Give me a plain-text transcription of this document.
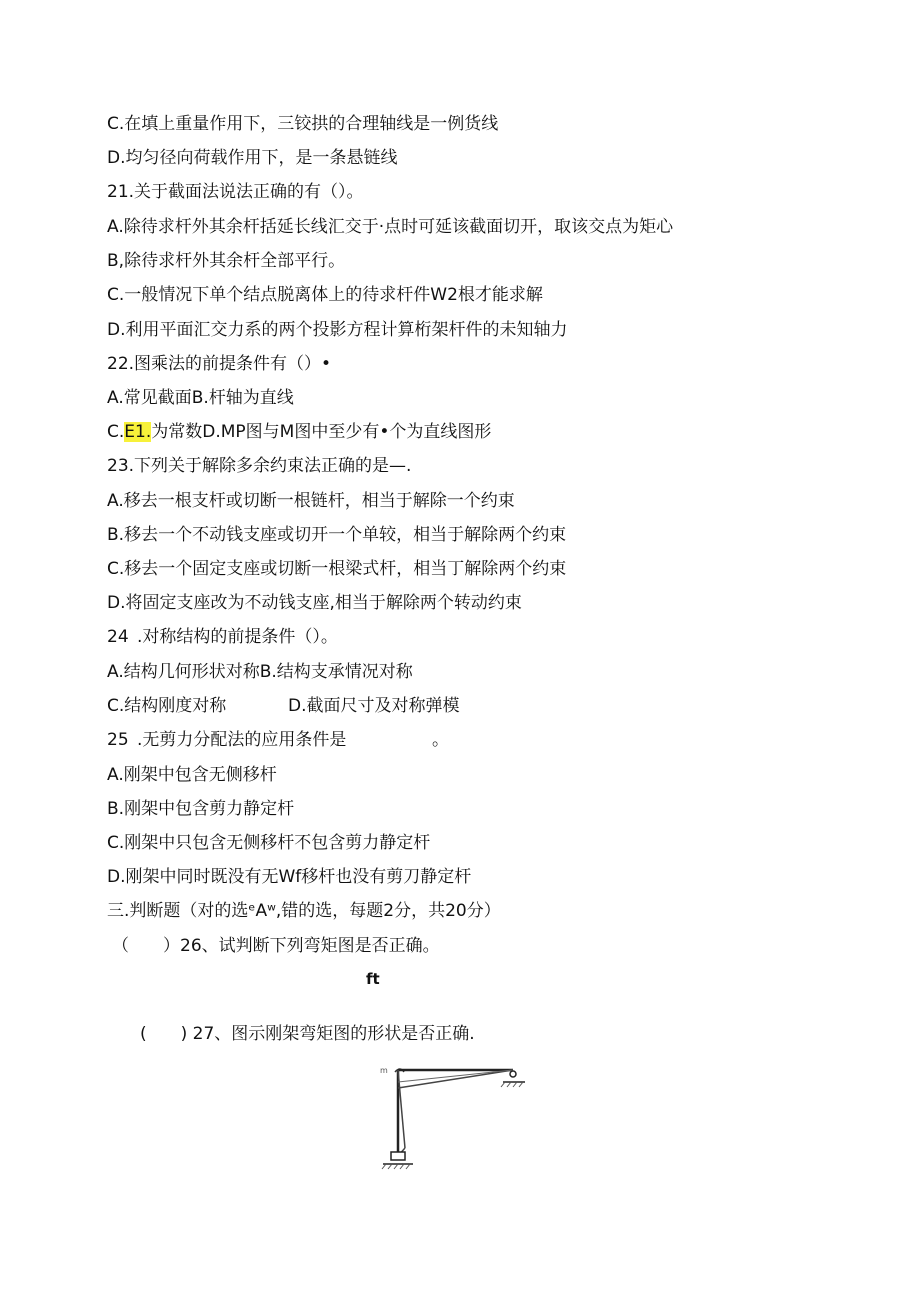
C.在填上重量作用下，三铰拱的合理轴线是一例货线
D.均匀径向荷载作用下，是一条悬链线
21.关于截面法说法正确的有（）。
A.除待求杆外其余杆括延长线汇交于·点时可延该截面切开，取该交点为矩心
B,除待求杆外其余杆全部平行。
C.一般情况下单个结点脱离体上的待求杆件W2根才能求解
D.利用平面汇交力系的两个投影方程计算桁架杆件的未知轴力
22.图乘法的前提条件有（）•
A.常见截面B.杆轴为直线
C.E1.为常数D.MP图与M图中至少有•个为直线图形
23.下列关于解除多余约束法正确的是—.
A.移去一根支杆或切断一根链杆，相当于解除一个约束
B.移去一个不动钱支座或切开一个单较，相当于解除两个约束
C.移去一个固定支座或切断一根梁式杆，相当丁解除两个约束
D.将固定支座改为不动钱支座,相当于解除两个转动约束
24 .对称结构的前提条件（）。
A.结构几何形状对称B.结构支承情况对称
C.结构刚度对称	D.截面尺寸及对称弹模
25 .无剪力分配法的应用条件是	。
A.刚架中包含无侧移杆
B.刚架中包含剪力静定杆
C.刚架中只包含无侧移杆不包含剪力静定杆
D.刚架中同时既没有无Wf移杆也没有剪刀静定杆
三.判断题（对的选ᵉAʷ,错的选，每题2分，共20分）
（　　）26、试判断下列弯矩图是否正确。
ft
(　　) 27、图示刚架弯矩图的形状是否正确.
m
